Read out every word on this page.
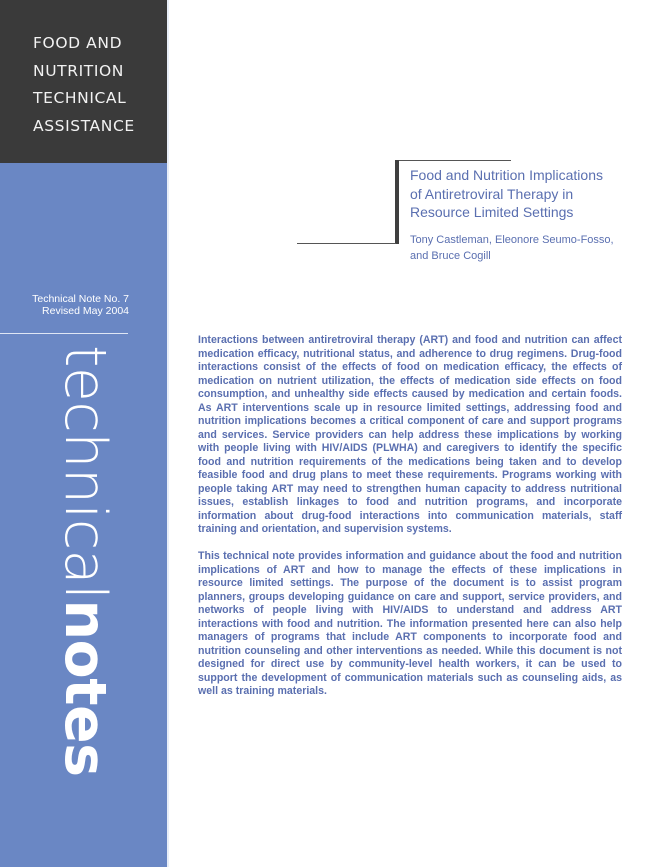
FOOD AND
NUTRITION
TECHNICAL
ASSISTANCE
Technical Note No. 7
Revised May 2004
technicalnotes
Food and Nutrition Implications
of Antiretroviral Therapy in
Resource Limited Settings
Tony Castleman, Eleonore Seumo-Fosso,
and Bruce Cogill

Interactions between antiretroviral therapy (ART) and food and nutrition can affect medication efficacy, nutritional status, and adherence to drug regimens. Drug-food interactions consist of the effects of food on medication efficacy, the effects of medication on nutrient utilization, the effects of medication side effects on food consumption, and unhealthy side effects caused by medication and certain foods. As ART interventions scale up in resource limited settings, addressing food and nutrition implications becomes a critical component of care and support programs and services. Service providers can help address these implications by working with people living with HIV/AIDS (PLWHA) and caregivers to identify the specific food and nutrition requirements of the medications being taken and to develop feasible food and drug plans to meet these requirements. Programs working with people taking ART may need to strengthen human capacity to address nutritional issues, establish linkages to food and nutrition programs, and incorporate information about drug-food interactions into communication materials, staff training and orientation, and supervision systems.

This technical note provides information and guidance about the food and nutrition implications of ART and how to manage the effects of these implications in resource limited settings. The purpose of the document is to assist program planners, groups developing guidance on care and support, service providers, and networks of people living with HIV/AIDS to understand and address ART interactions with food and nutrition. The information presented here can also help managers of programs that include ART components to incorporate food and nutrition counseling and other interventions as needed. While this document is not designed for direct use by community-level health workers, it can be used to support the development of communication materials such as counseling aids, as well as training materials.
